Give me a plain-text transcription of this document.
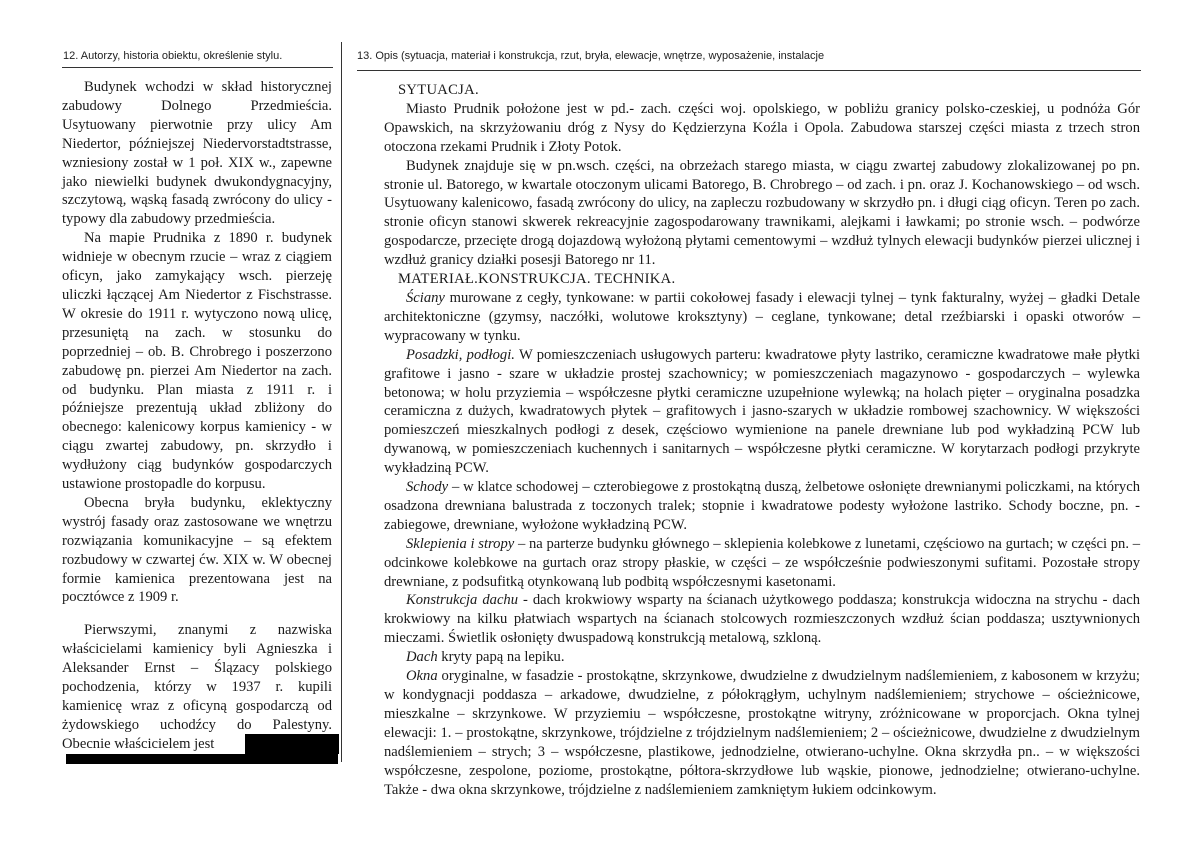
12. Autorzy, historia obiektu, określenie stylu.	13. Opis (sytuacja, materiał i konstrukcja, rzut, bryła, elewacje, wnętrze, wyposażenie, instalacje

Budynek wchodzi w skład historycznej zabudowy Dolnego Przedmieścia. Usytuowany pierwotnie przy ulicy Am Niedertor, późniejszej Niedervorstadtstrasse, wzniesiony został w 1 poł. XIX w., zapewne jako niewielki budynek dwukondygnacyjny, szczytową, wąską fasadą zwrócony do ulicy - typowy dla zabudowy przedmieścia.

Na mapie Prudnika z 1890 r. budynek widnieje w obecnym rzucie – wraz z ciągiem oficyn, jako zamykający wsch. pierzeję uliczki łączącej Am Niedertor z Fischstrasse. W okresie do 1911 r. wytyczono nową ulicę, przesuniętą na zach. w stosunku do poprzedniej – ob. B. Chrobrego i poszerzono zabudowę pn. pierzei Am Niedertor na zach. od budynku. Plan miasta z 1911 r. i późniejsze prezentują układ zbliżony do obecnego: kalenicowy korpus kamienicy - w ciągu zwartej zabudowy, pn. skrzydło i wydłużony ciąg budynków gospodarczych ustawione prostopadle do korpusu.

Obecna bryła budynku, eklektyczny wystrój fasady oraz zastosowane we wnętrzu rozwiązania komunikacyjne – są efektem rozbudowy w czwartej ćw. XIX w. W obecnej formie kamienica prezentowana jest na pocztówce z 1909 r.

Pierwszymi, znanymi z nazwiska właścicielami kamienicy byli Agnieszka i Aleksander Ernst – Ślązacy polskiego pochodzenia, którzy w 1937 r. kupili kamienicę wraz z oficyną gospodarczą od żydowskiego uchodźcy do Palestyny. Obecnie właścicielem jest

SYTUACJA.

Miasto Prudnik położone jest w pd.- zach. części woj. opolskiego, w pobliżu granicy polsko-czeskiej, u podnóża Gór Opawskich, na skrzyżowaniu dróg z Nysy do Kędzierzyna Koźla i Opola. Zabudowa starszej części miasta z trzech stron otoczona rzekami Prudnik i Złoty Potok.

Budynek znajduje się w pn.wsch. części, na obrzeżach starego miasta, w ciągu zwartej zabudowy zlokalizowanej po pn. stronie ul. Batorego, w kwartale otoczonym ulicami Batorego, B. Chrobrego – od zach. i pn. oraz J. Kochanowskiego – od wsch. Usytuowany kalenicowo, fasadą zwrócony do ulicy, na zapleczu rozbudowany w skrzydło pn. i długi ciąg oficyn. Teren po zach. stronie oficyn stanowi skwerek rekreacyjnie zagospodarowany trawnikami, alejkami i ławkami; po stronie wsch. – podwórze gospodarcze, przecięte drogą dojazdową wyłożoną płytami cementowymi – wzdłuż tylnych elewacji budynków pierzei ulicznej i wzdłuż granicy działki posesji Batorego nr 11.

MATERIAŁ.KONSTRUKCJA. TECHNIKA.

Ściany murowane z cegły, tynkowane: w partii cokołowej fasady i elewacji tylnej – tynk fakturalny, wyżej – gładki Detale architektoniczne (gzymsy, naczółki, wolutowe kroksztyny) – ceglane, tynkowane; detal rzeźbiarski i opaski otworów – wypracowany w tynku.

Posadzki, podłogi. W pomieszczeniach usługowych parteru: kwadratowe płyty lastriko, ceramiczne kwadratowe małe płytki grafitowe i jasno - szare w układzie prostej szachownicy; w pomieszczeniach magazynowo - gospodarczych – wylewka betonowa; w holu przyziemia – współczesne płytki ceramiczne uzupełnione wylewką; na holach pięter – oryginalna posadzka ceramiczna z dużych, kwadratowych płytek – grafitowych i jasno-szarych w układzie rombowej szachownicy. W większości pomieszczeń mieszkalnych podłogi z desek, częściowo wymienione na panele drewniane lub pod wykładziną PCW lub dywanową, w pomieszczeniach kuchennych i sanitarnych – współczesne płytki ceramiczne. W korytarzach podłogi przykryte wykładziną PCW.

Schody – w klatce schodowej – czterobiegowe z prostokątną duszą, żelbetowe osłonięte drewnianymi policzkami, na których osadzona drewniana balustrada z toczonych tralek; stopnie i kwadratowe podesty wyłożone lastriko. Schody boczne, pn. - zabiegowe, drewniane, wyłożone wykładziną PCW.

Sklepienia i stropy – na parterze budynku głównego – sklepienia kolebkowe z lunetami, częściowo na gurtach; w części pn. – odcinkowe kolebkowe na gurtach oraz stropy płaskie, w części – ze współcześnie podwieszonymi sufitami. Pozostałe stropy drewniane, z podsufitką otynkowaną lub podbitą współczesnymi kasetonami.

Konstrukcja dachu - dach krokwiowy wsparty na ścianach użytkowego poddasza; konstrukcja widoczna na strychu - dach krokwiowy na kilku płatwiach wspartych na ścianach stolcowych rozmieszczonych wzdłuż ścian poddasza; usztywnionych mieczami. Świetlik osłonięty dwuspadową konstrukcją metalową, szkloną.

Dach kryty papą na lepiku.

Okna oryginalne, w fasadzie - prostokątne, skrzynkowe, dwudzielne z dwudzielnym nadślemieniem, z kabosonem w krzyżu; w kondygnacji poddasza – arkadowe, dwudzielne, z półokrągłym, uchylnym nadślemieniem; strychowe – ościeżnicowe, mieszkalne – skrzynkowe. W przyziemiu – współczesne, prostokątne witryny, zróżnicowane w proporcjach. Okna tylnej elewacji: 1. – prostokątne, skrzynkowe, trójdzielne z trójdzielnym nadślemieniem; 2 – ościeżnicowe, dwudzielne z dwudzielnym nadślemieniem – strych; 3 – współczesne, plastikowe, jednodzielne, otwierano-uchylne. Okna skrzydła pn.. – w większości współczesne, zespolone, poziome, prostokątne, półtora-skrzydłowe lub wąskie, pionowe, jednodzielne; otwierano-uchylne. Także - dwa okna skrzynkowe, trójdzielne z nadślemieniem zamkniętym łukiem odcinkowym.
